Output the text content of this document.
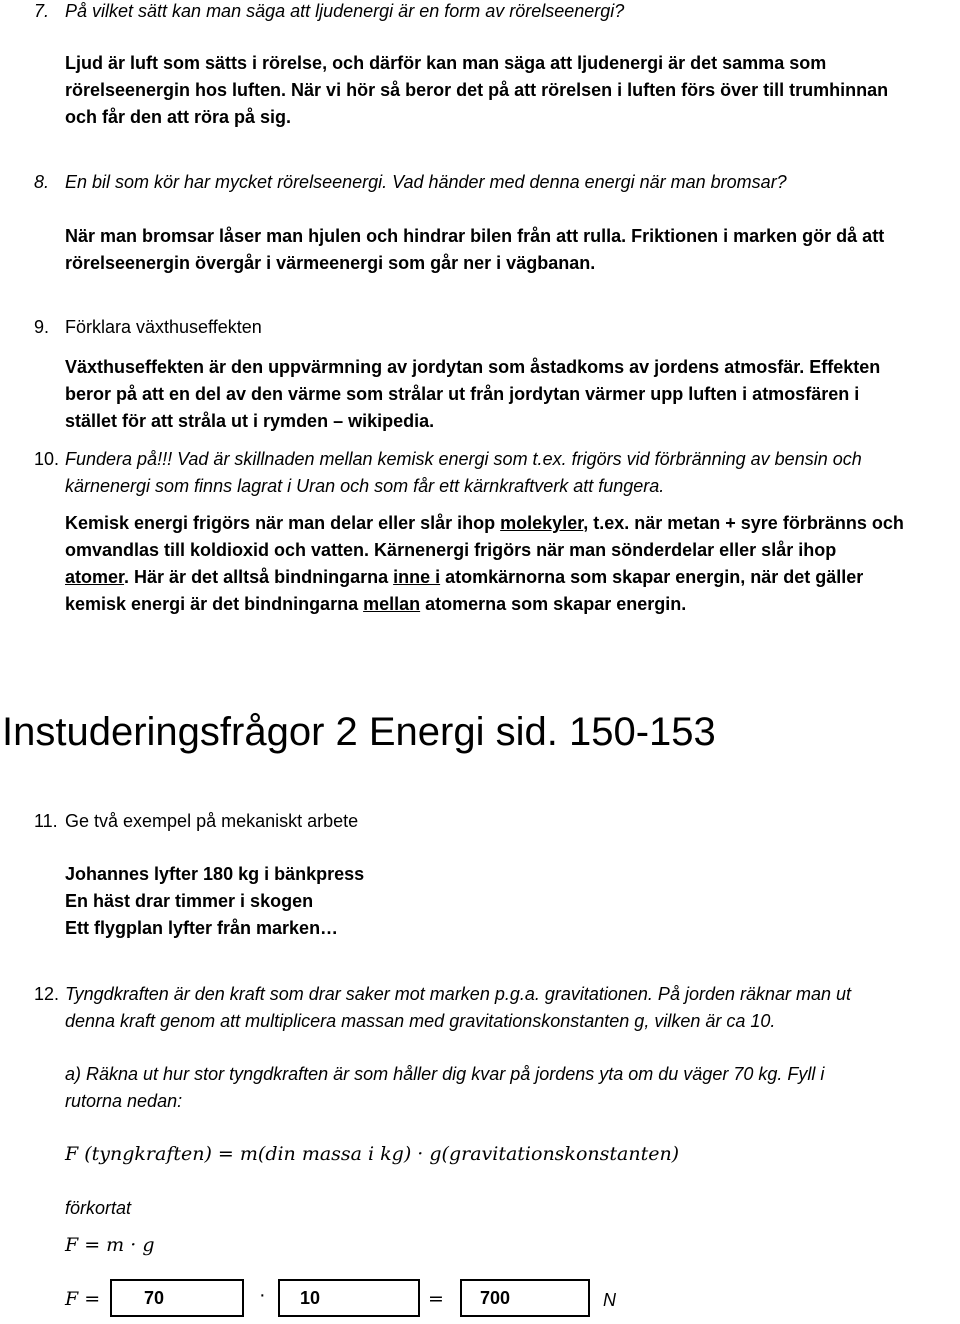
7. På vilket sätt kan man säga att ljudenergi är en form av rörelseenergi?
Ljud är luft som sätts i rörelse, och därför kan man säga att ljudenergi är det samma som
rörelseenergin hos luften. När vi hör så beror det på att rörelsen i luften förs över till trumhinnan
och får den att röra på sig.
8. En bil som kör har mycket rörelseenergi. Vad händer med denna energi när man bromsar?
När man bromsar låser man hjulen och hindrar bilen från att rulla. Friktionen i marken gör då att
rörelseenergin övergår i värmeenergi som går ner i vägbanan.
9. Förklara växthuseffekten
Växthuseffekten är den uppvärmning av jordytan som åstadkoms av jordens atmosfär. Effekten
beror på att en del av den värme som strålar ut från jordytan värmer upp luften i atmosfären i
stället för att stråla ut i rymden – wikipedia.
10. Fundera på!!! Vad är skillnaden mellan kemisk energi som t.ex. frigörs vid förbränning av bensin och
kärnenergi som finns lagrat i Uran och som får ett kärnkraftverk att fungera.
Kemisk energi frigörs när man delar eller slår ihop molekyler, t.ex. när metan + syre förbränns och
omvandlas till koldioxid och vatten. Kärnenergi frigörs när man sönderdelar eller slår ihop
atomer. Här är det alltså bindningarna inne i atomkärnorna som skapar energin, när det gäller
kemisk energi är det bindningarna mellan atomerna som skapar energin.
Instuderingsfrågor 2 Energi sid. 150-153
11. Ge två exempel på mekaniskt arbete
Johannes lyfter 180 kg i bänkpress
En häst drar timmer i skogen
Ett flygplan lyfter från marken…
12. Tyngdkraften är den kraft som drar saker mot marken p.g.a. gravitationen. På jorden räknar man ut
denna kraft genom att multiplicera massan med gravitationskonstanten g, vilken är ca 10.
a) Räkna ut hur stor tyngdkraften är som håller dig kvar på jordens yta om du väger 70 kg. Fyll i
rutorna nedan:
F (tyngkraften) = m(din massa i kg) · g(gravitationskonstanten)
förkortat
F = m · g
F = 70	· 10	= 700	N
